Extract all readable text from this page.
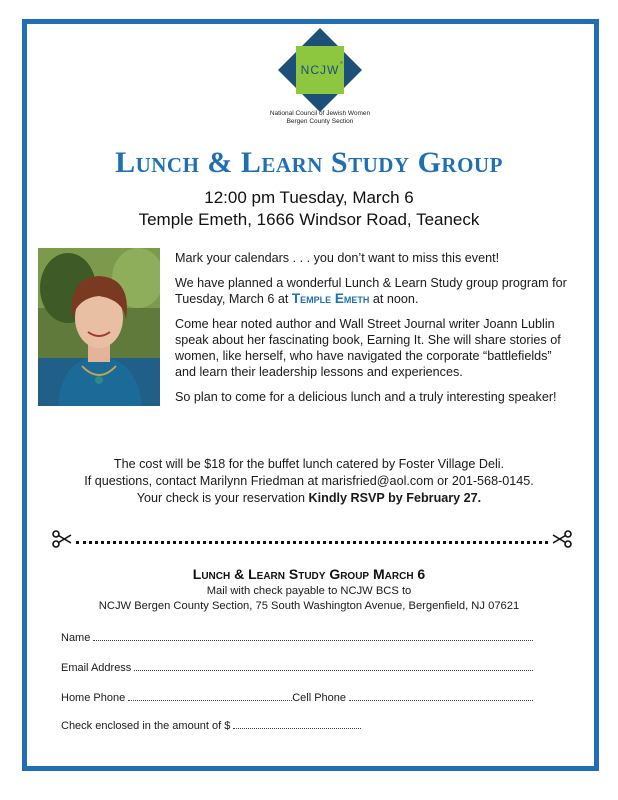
NCJW
®
National Council of Jewish Women
Bergen County Section
Lunch & Learn Study Group
12:00 pm Tuesday, March 6
Temple Emeth, 1666 Windsor Road, Teaneck

Mark your calendars . . . you don’t want to miss this event!

We have planned a wonderful Lunch & Learn Study group program for Tuesday, March 6 at Temple Emeth at noon.

Come hear noted author and Wall Street Journal writer Joann Lublin speak about her fascinating book, Earning It. She will share stories of women, like herself, who have navigated the corporate “battlefields” and learn their leadership lessons and experiences.

So plan to come for a delicious lunch and a truly interesting speaker!

The cost will be $18 for the buffet lunch catered by Foster Village Deli.
If questions, contact Marilynn Friedman at marisfried@aol.com or 201-568-0145.
Your check is your reservation Kindly RSVP by February 27.
Lunch & Learn Study Group March 6
Mail with check payable to NCJW BCS to
NCJW Bergen County Section, 75 South Washington Avenue, Bergenfield, NJ 07621
Name
Email Address
Home Phone	Cell Phone
Check enclosed in the amount of $
